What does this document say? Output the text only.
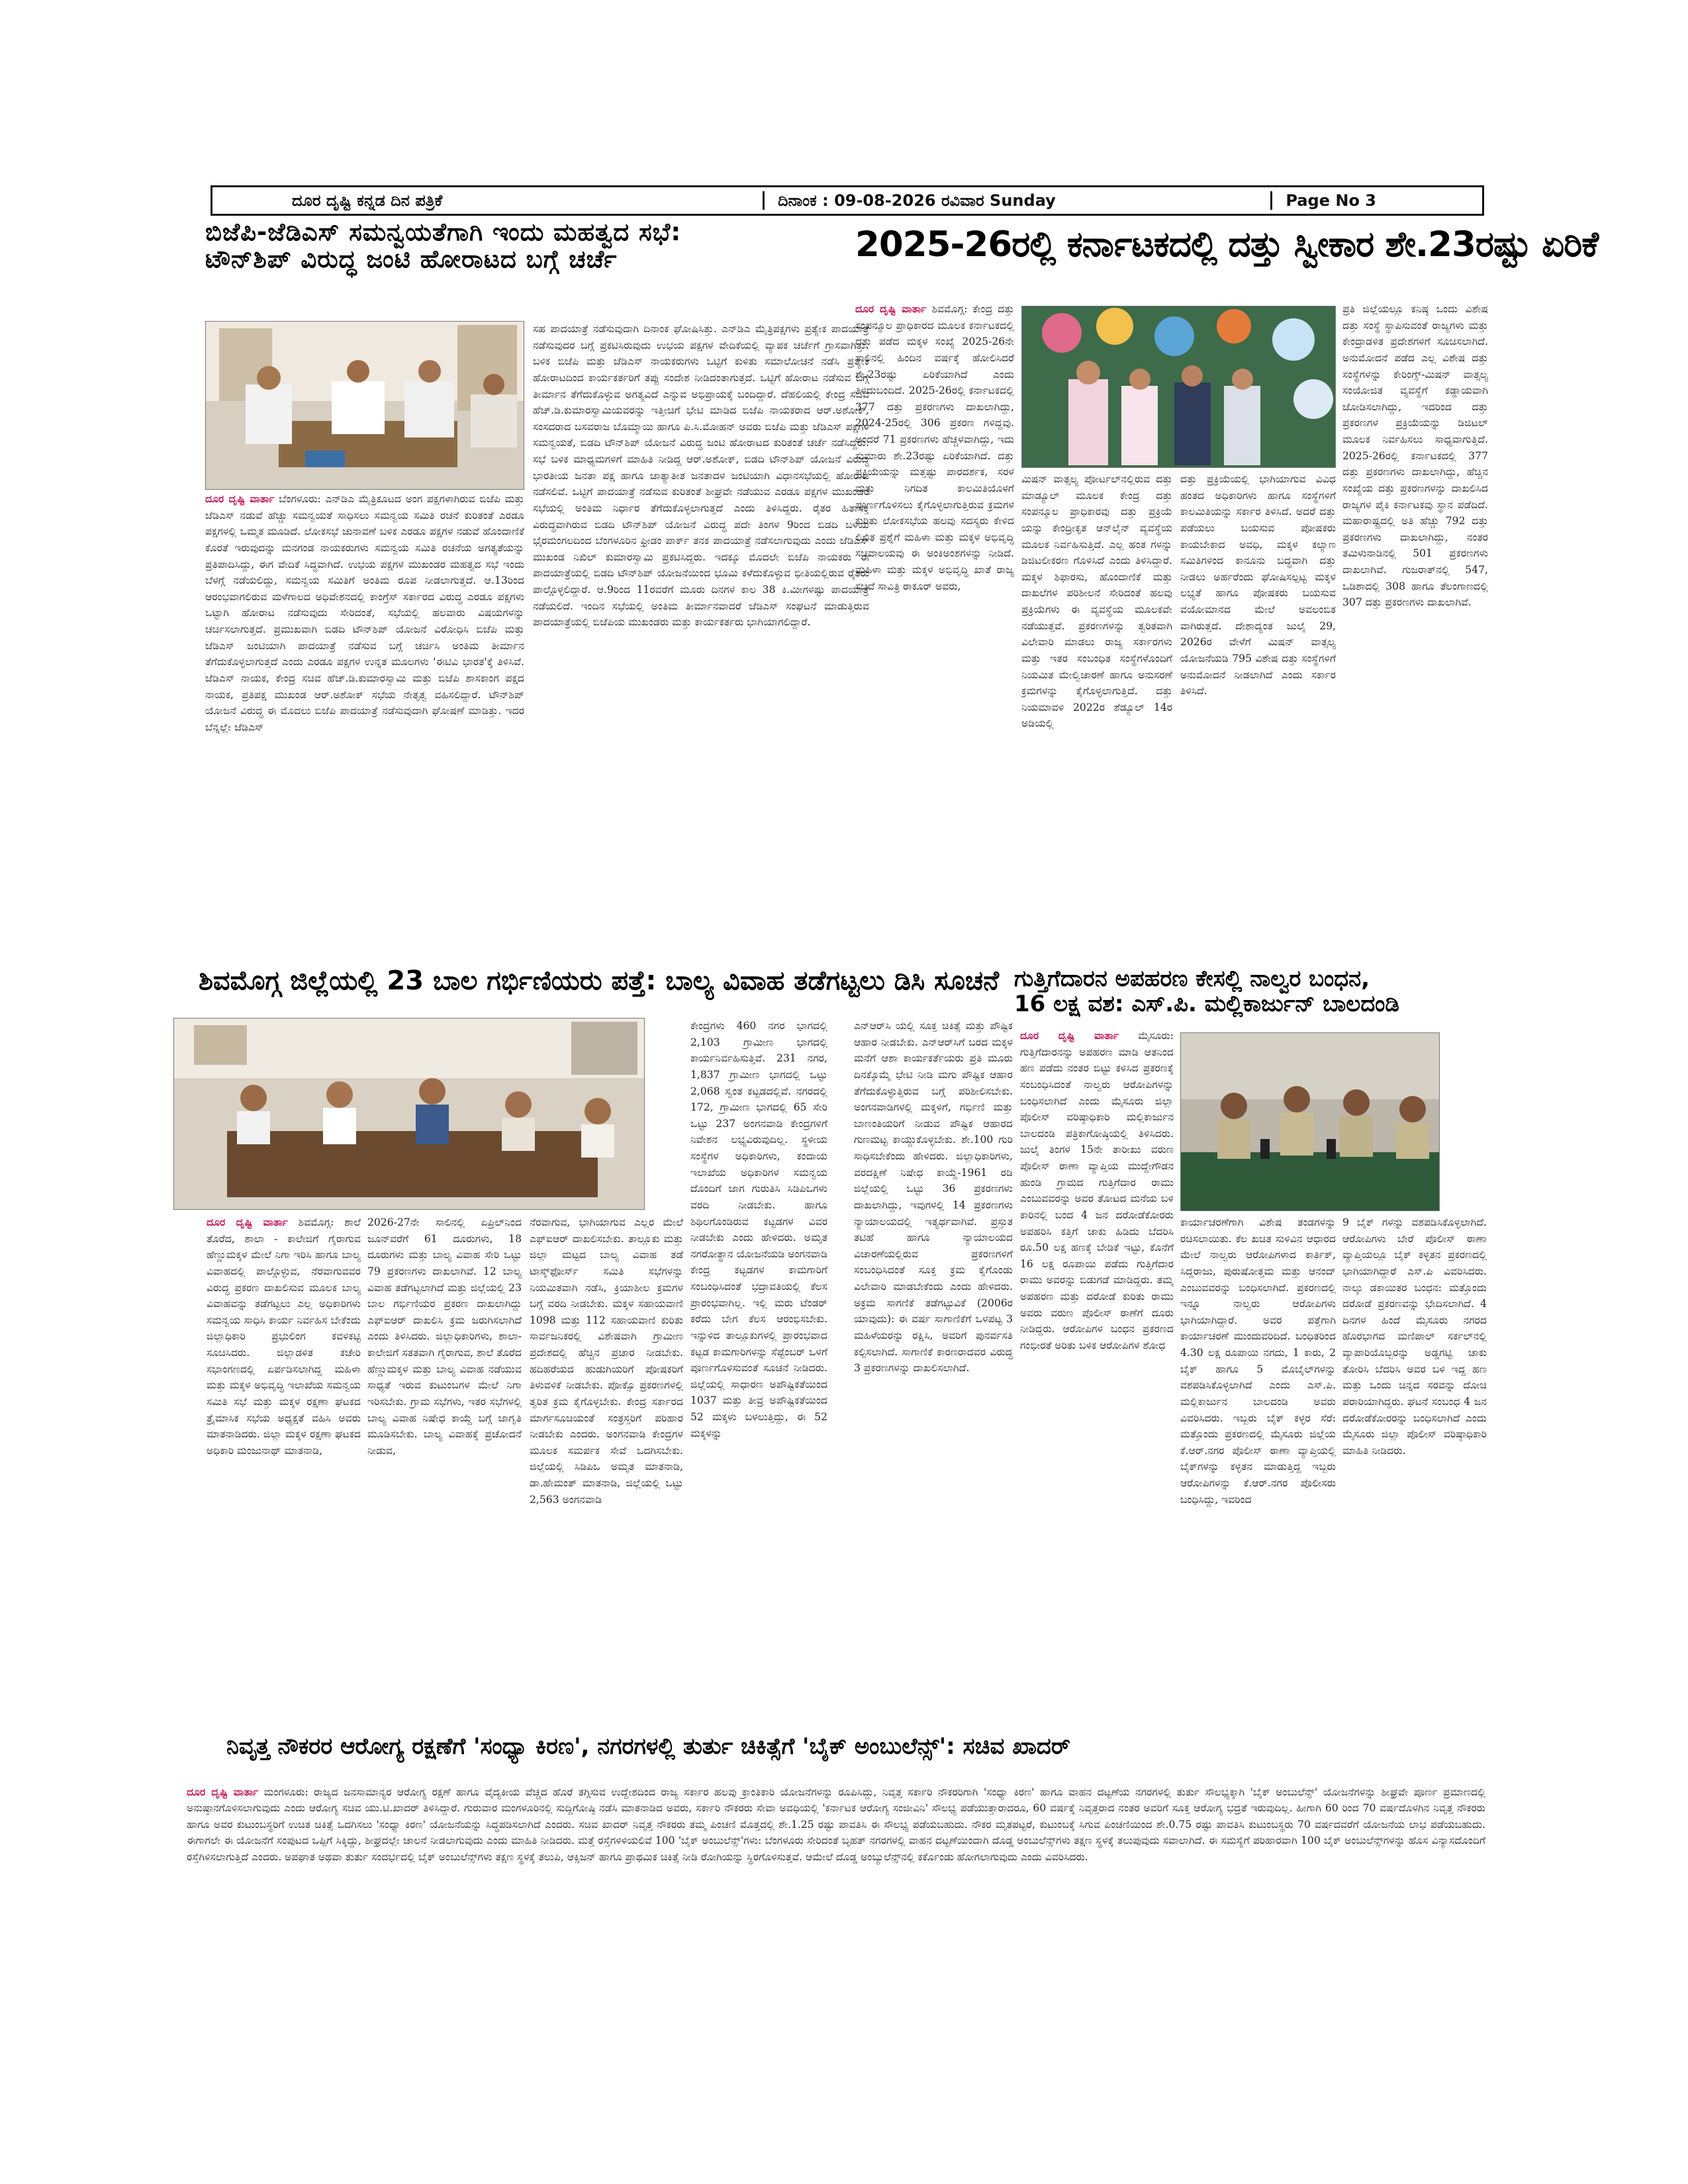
ದೂರ ದೃಷ್ಟಿ ಕನ್ನಡ ದಿನ ಪತ್ರಿಕೆ	ದಿನಾಂಕ : 09-08-2026 ರವಿವಾರ Sunday	Page No 3
ಬಿಜೆಪಿ-ಜೆಡಿಎಸ್ ಸಮನ್ವಯತೆಗಾಗಿ ಇಂದು ಮಹತ್ವದ ಸಭೆ:
ಟೌನ್‌ಶಿಪ್ ವಿರುದ್ಧ ಜಂಟಿ ಹೋರಾಟದ ಬಗ್ಗೆ ಚರ್ಚೆ

ದೂರ ದೃಷ್ಟಿ ವಾರ್ತಾ ಬೆಂಗಳೂರು: ಎನ್‌ಡಿಎ ಮೈತ್ರಿಕೂಟದ ಅಂಗ ಪಕ್ಷಗಳಾಗಿರುವ ಬಿಜೆಪಿ ಮತ್ತು ಜೆಡಿಎಸ್ ನಡುವೆ ಹೆಚ್ಚು ಸಮನ್ವಯತೆ ಸಾಧಿಸಲು ಸಮನ್ವಯ ಸಮಿತಿ ರಚನೆ ಕುರಿತಂತೆ ಎರಡೂ ಪಕ್ಷಗಳಲ್ಲಿ ಒಮ್ಮತ ಮೂಡಿದೆ. ಲೋಕಸಭೆ ಚುನಾವಣೆ ಬಳಿಕ ಎರಡೂ ಪಕ್ಷಗಳ ನಡುವೆ ಹೊಂದಾಣಿಕೆ ಕೊರತೆ ಇರುವುದನ್ನು ಮನಗಂಡ ನಾಯಕರುಗಳು ಸಮನ್ವಯ ಸಮಿತಿ ರಚನೆಯ ಅಗತ್ಯತೆಯನ್ನು ಪ್ರತಿಪಾದಿಸಿದ್ದು, ಈಗ ವೇದಿಕೆ ಸಿದ್ಧವಾಗಿದೆ. ಉಭಯ ಪಕ್ಷಗಳ ಮುಖಂಡರ ಮಹತ್ವದ ಸಭೆ ಇಂದು ಬೆಳಗ್ಗೆ ನಡೆಯಲಿದ್ದು, ಸಮನ್ವಯ ಸಮಿತಿಗೆ ಅಂತಿಮ ರೂಪ ನೀಡಲಾಗುತ್ತದೆ. ಆ.13ರಿಂದ ಆರಂಭವಾಗಲಿರುವ ಮಳೆಗಾಲದ ಅಧಿವೇಶನದಲ್ಲಿ ಕಾಂಗ್ರೆಸ್ ಸರ್ಕಾರದ ವಿರುದ್ಧ ಎರಡೂ ಪಕ್ಷಗಳು ಒಟ್ಟಾಗಿ ಹೋರಾಟ ನಡೆಸುವುದು ಸೇರಿದಂತೆ, ಸಭೆಯಲ್ಲಿ ಹಲವಾರು ವಿಷಯಗಳನ್ನು ಚರ್ಚಿಸಲಾಗುತ್ತದೆ. ಪ್ರಮುಖವಾಗಿ ಬಿಡದಿ ಟೌನ್‌ಶಿಪ್ ಯೋಜನೆ ವಿರೋಧಿಸಿ ಬಿಜೆಪಿ ಮತ್ತು ಜೆಡಿಎಸ್ ಜಂಟಿಯಾಗಿ ಪಾದಯಾತ್ರೆ ನಡೆಸುವ ಬಗ್ಗೆ ಚರ್ಚಿಸಿ ಅಂತಿಮ ತೀರ್ಮಾನ ತೆಗೆದುಕೊಳ್ಳಲಾಗುತ್ತದೆ ಎಂದು ಎರಡೂ ಪಕ್ಷಗಳ ಉನ್ನತ ಮೂಲಗಳು 'ಈಟಿವಿ ಭಾರತ'ಕ್ಕೆ ತಿಳಿಸಿವೆ. ಜೆಡಿಎಸ್ ನಾಯಕ, ಕೇಂದ್ರ ಸಚಿವ ಹೆಚ್.ಡಿ.ಕುಮಾರಸ್ವಾಮಿ ಮತ್ತು ಬಿಜೆಪಿ ಶಾಸಕಾಂಗ ಪಕ್ಷದ ನಾಯಕ, ಪ್ರತಿಪಕ್ಷ ಮುಖಂಡ ಆರ್.ಅಶೋಕ್ ಸಭೆಯ ನೇತೃತ್ವ ವಹಿಸಲಿದ್ದಾರೆ. ಟೌನ್‌ಶಿಪ್ ಯೋಜನೆ ವಿರುದ್ಧ ಈ ಮೊದಲು ಬಿಜೆಪಿ ಪಾದಯಾತ್ರೆ ನಡೆಸುವುದಾಗಿ ಘೋಷಣೆ ಮಾಡಿತ್ತು. ಇದರ ಬೆನ್ನಲ್ಲೇ ಜೆಡಿಎಸ್

ಸಹ ಪಾದಯಾತ್ರೆ ನಡೆಸುವುದಾಗಿ ದಿನಾಂಕ ಘೋಷಿಸಿತ್ತು. ಎನ್‌ಡಿಎ ಮೈತ್ರಿಪಕ್ಷಗಳು ಪ್ರತ್ಯೇಕ ಪಾದಯಾತ್ರೆ ನಡೆಸುವುದರ ಬಗ್ಗೆ ಪ್ರಕಟಿಸಿರುವುದು ಉಭಯ ಪಕ್ಷಗಳ ವೇದಿಕೆಯಲ್ಲಿ ವ್ಯಾಪಕ ಚರ್ಚೆಗೆ ಗ್ರಾಸವಾಗಿತ್ತು. ಬಳಿಕ ಬಿಜೆಪಿ ಮತ್ತು ಜೆಡಿಎಸ್ ನಾಯಕರುಗಳು ಒಟ್ಟಿಗೆ ಕುಳಿತು ಸಮಾಲೋಚನೆ ನಡೆಸಿ ಪ್ರತ್ಯೇಕ ಹೋರಾಟದಿಂದ ಕಾರ್ಯಕರ್ತರಿಗೆ ತಪ್ಪು ಸಂದೇಶ ನೀಡಿದಂತಾಗುತ್ತದೆ. ಒಟ್ಟಿಗೆ ಹೋರಾಟ ನಡೆಸುವ ಬಗ್ಗೆ ತೀರ್ಮಾನ ತೆಗೆದುಕೊಳ್ಳುವ ಅಗತ್ಯವಿದೆ ಎನ್ನುವ ಅಭಿಪ್ರಾಯಕ್ಕೆ ಬಂದಿದ್ದಾರೆ. ದೆಹಲಿಯಲ್ಲಿ ಕೇಂದ್ರ ಸಚಿವ ಹೆಚ್.ಡಿ.ಕುಮಾರಸ್ವಾಮಿಯವರನ್ನು ಇತ್ತೀಚಿಗೆ ಭೇಟಿ ಮಾಡಿದ ಬಿಜೆಪಿ ನಾಯಕರಾದ ಆರ್.ಅಶೋಕ್, ಸಂಸದರಾದ ಬಸವರಾಜ ಬೊಮ್ಮಾಯಿ ಹಾಗೂ ಪಿ.ಸಿ.ಮೋಹನ್ ಅವರು ಬಿಜೆಪಿ ಮತ್ತು ಜೆಡಿಎಸ್ ಪಕ್ಷಗಳ ಸಮನ್ವಯತೆ, ಬಿಡದಿ ಟೌನ್‌ಶಿಪ್ ಯೋಜನೆ ವಿರುದ್ಧ ಜಂಟಿ ಹೋರಾಟದ ಕುರಿತಂತೆ ಚರ್ಚೆ ನಡೆಸಿದ್ದರು. ಸಭೆ ಬಳಿಕ ಮಾಧ್ಯಮಗಳಿಗೆ ಮಾಹಿತಿ ನೀಡಿದ್ದ ಆರ್.ಅಶೋಕ್, ಬಿಡದಿ ಟೌನ್‌ಶಿಪ್ ಯೋಜನೆ ವಿರುದ್ಧ ಭಾರತೀಯ ಜನತಾ ಪಕ್ಷ ಹಾಗೂ ಜಾತ್ಯಾತೀತ ಜನತಾದಳ ಜಂಟಿಯಾಗಿ ವಿಧಾನಸಭೆಯಲ್ಲಿ ಹೋರಾಟ ನಡೆಸಲಿವೆ. ಒಟ್ಟಿಗೆ ಪಾದಯಾತ್ರೆ ನಡೆಸುವ ಕುರಿತಂತೆ ಶೀಘ್ರವೇ ನಡೆಯುವ ಎರಡೂ ಪಕ್ಷಗಳ ಮುಖಂಡರ ಸಭೆಯಲ್ಲಿ ಅಂತಿಮ ನಿರ್ಧಾರ ತೆಗೆದುಕೊಳ್ಳಲಾಗುತ್ತದೆ ಎಂದು ತಿಳಿಸಿದ್ದರು. ರೈತರ ಹಿತಾಸಕ್ತಿ ವಿರುದ್ಧವಾಗಿರುವ ಬಿಡದಿ ಟೌನ್‌ಶಿಪ್ ಯೋಜನೆ ವಿರುದ್ಧ ಪದೇ ತಿಂಗಳ 9ರಿಂದ ಬಿಡದಿ ಬಳಿಯ ಭೈರಮಂಗಲದಿಂದ ಬೆಂಗಳೂರಿನ ಫ್ರೀಡಂ ಪಾರ್ಕ್‌ ತನಕ ಪಾದಯಾತ್ರೆ ನಡೆಸಲಾಗುವುದು ಎಂದು ಜೆಡಿಎಸ್ ಮುಖಂಡ ನಿಖಿಲ್ ಕುಮಾರಸ್ವಾಮಿ ಪ್ರಕಟಿಸಿದ್ದರು. ಇದಕ್ಕೂ ಮೊದಲೇ ಬಿಜೆಪಿ ನಾಯಕರು ಈ ಪಾದಯಾತ್ರೆಯಲ್ಲಿ ಬಿಡದಿ ಟೌನ್‌ಶಿಪ್ ಯೋಜನೆಯಿಂದ ಭೂಮಿ ಕಳೆದುಕೊಳ್ಳುವ ಭೀತಿಯಲ್ಲಿರುವ ರೈತರು ಪಾಲ್ಗೊಳ್ಳಲಿದ್ದಾರೆ. ಆ.9ರಿಂದ 11ರವರೆಗೆ ಮೂರು ದಿನಗಳ ಕಾಲ 38 ಕಿ.ಮೀಗಳಷ್ಟು ಪಾದಯಾತ್ರೆ ನಡೆಯಲಿದೆ. ಇಂದಿನ ಸಭೆಯಲ್ಲಿ ಅಂತಿಮ ತೀರ್ಮಾನವಾದರೆ ಜೆಡಿಎಸ್ ಸಂಘಟನೆ ಮಾಡುತ್ತಿರುವ ಪಾದಯಾತ್ರೆಯಲ್ಲಿ ಬಿಜೆಪಿಯ ಮುಖಂಡರು ಮತ್ತು ಕಾರ್ಯಕರ್ತರು ಭಾಗಿಯಾಗಲಿದ್ದಾರೆ.

2025-26ರಲ್ಲಿ ಕರ್ನಾಟಕದಲ್ಲಿ ದತ್ತು ಸ್ವೀಕಾರ ಶೇ.23ರಷ್ಟು ಏರಿಕೆ

ದೂರ ದೃಷ್ಟಿ ವಾರ್ತಾ ಶಿವಮೊಗ್ಗ: ಕೇಂದ್ರ ದತ್ತು ಸಂಪನ್ಮೂಲ ಪ್ರಾಧಿಕಾರದ ಮೂಲಕ ಕರ್ನಾಟಕದಲ್ಲಿ ದತ್ತು ಪಡೆದ ಮಕ್ಕಳ ಸಂಖ್ಯೆ 2025-26ನೇ ಸಾಲಿನಲ್ಲಿ ಹಿಂದಿನ ವರ್ಷಕ್ಕೆ ಹೋಲಿಸಿದರೆ ಶೇ.23ರಷ್ಟು ಏರಿಕೆಯಾಗಿದೆ ಎಂದು ತಿಳಿದುಬಂದಿದೆ. 2025-26ರಲ್ಲಿ ಕರ್ನಾಟಕದಲ್ಲಿ 377 ದತ್ತು ಪ್ರಕರಣಗಳು ದಾಖಲಾಗಿದ್ದು, 2024-25ರಲ್ಲಿ 306 ಪ್ರಕರಣ ಗಳಿದ್ದವು. ಅಂದರೆ 71 ಪ್ರಕರಣಗಳು ಹೆಚ್ಚಳವಾಗಿದ್ದು, ಇದು ಸುಮಾರು ಶೇ.23ರಷ್ಟು ಏರಿಕೆಯಾಗಿದೆ. ದತ್ತು ಪ್ರಕ್ರಿಯೆಯನ್ನು ಮತ್ತಷ್ಟು ಪಾರದರ್ಶಕ, ಸರಳ ಮತ್ತು ನಿಗದಿತ ಕಾಲಮಿತಿಯೊಳಗೆ ಪೂರ್ಣಗೊಳಿಸಲು ಕೈಗೊಳ್ಳಲಾಗುತ್ತಿರುವ ಕ್ರಮಗಳ ಕುರಿತು ಲೋಕಸಭೆಯ ಹಲವು ಸದಸ್ಯರು ಕೇಳಿದ ಲಿಖಿತ ಪ್ರಶ್ನೆಗೆ ಮಹಿಳಾ ಮತ್ತು ಮಕ್ಕಳ ಅಭಿವೃದ್ಧಿ ಸಚಿವಾಲಯವು ಈ ಅಂಕಿಅಂಶಗಳನ್ನು ನೀಡಿದೆ. ಮಹಿಳಾ ಮತ್ತು ಮಕ್ಕಳ ಅಭಿವೃದ್ಧಿ ಖಾತೆ ರಾಜ್ಯ ಸಚಿವೆ ಸಾವಿತ್ರಿ ಠಾಕೂರ್ ಅವರು,

ಮಿಷನ್ ವಾತ್ಸಲ್ಯ ಪೋರ್ಟಲ್‌ನಲ್ಲಿರುವ ದತ್ತು ಮಾಡ್ಯೂಲ್ ಮೂಲಕ ಕೇಂದ್ರ ದತ್ತು ಸಂಪನ್ಮೂಲ ಪ್ರಾಧಿಕಾರವು ದತ್ತು ಪ್ರಕ್ರಿಯೆ ಯನ್ನು ಕೇಂದ್ರೀಕೃತ ಆನ್‌ಲೈನ್ ವ್ಯವಸ್ಥೆಯ ಮೂಲಕ ನಿರ್ವಹಿಸುತ್ತಿದೆ. ಎಲ್ಲ ಹಂತ ಗಳನ್ನು ಡಿಜಿಟಲೀಕರಣ ಗೊಳಿಸಿದೆ ಎಂದು ತಿಳಿಸಿದ್ದಾರೆ. ಮಕ್ಕಳ ಶಿಫಾರಸು, ಹೊಂದಾಣಿಕೆ ಮತ್ತು ದಾಖಲೆಗಳ ಪರಿಶೀಲನೆ ಸೇರಿದಂತೆ ಹಲವು ಪ್ರಕ್ರಿಯೆಗಳು ಈ ವ್ಯವಸ್ಥೆಯ ಮೂಲಕವೇ ನಡೆಯುತ್ತವೆ. ಪ್ರಕರಣಗಳನ್ನು ತ್ವರಿತವಾಗಿ ವಿಲೇವಾರಿ ಮಾಡಲು ರಾಜ್ಯ ಸರ್ಕಾರಗಳು ಮತ್ತು ಇತರ ಸಂಬಂಧಿತ ಸಂಸ್ಥೆಗಳೊಂದಿಗೆ ನಿಯಮಿತ ಮೇಲ್ವಿಚಾರಣೆ ಹಾಗೂ ಅನುಸರಣೆ ಕ್ರಮಗಳನ್ನು ಕೈಗೊಳ್ಳಲಾಗುತ್ತಿದೆ. ದತ್ತು ನಿಯಮಾವಳಿ 2022ರ ಶೆಡ್ಯೂಲ್ 14ರ ಅಡಿಯಲ್ಲಿ

ದತ್ತು ಪ್ರಕ್ರಿಯೆಯಲ್ಲಿ ಭಾಗಿಯಾಗುವ ವಿವಿಧ ಹಂತದ ಅಧಿಕಾರಿಗಳು ಹಾಗೂ ಸಂಸ್ಥೆಗಳಿಗೆ ಕಾಲಮಿತಿಯನ್ನು ಸರ್ಕಾರ ತಿಳಿಸಿದೆ. ಅದರೆ ದತ್ತು ಪಡೆಯಲು ಬಯಸುವ ಪೋಷಕರು ಕಾಯಬೇಕಾದ ಅವಧಿ, ಮಕ್ಕಳ ಕಲ್ಯಾಣ ಸಮಿತಿಗಳಿಂದ ಕಾನೂನು ಬದ್ಧವಾಗಿ ದತ್ತು ನೀಡಲು ಅರ್ಹರೆಂದು ಘೋಷಿಸಲ್ಪಟ್ಟ ಮಕ್ಕಳ ಲಭ್ಯತೆ ಹಾಗೂ ಪೋಷಕರು ಬಯಸುವ ವಯೋಮಾನದ ಮೇಲೆ ಅವಲಂಬಿತ ವಾಗಿರುತ್ತದೆ. ದೇಶಾದ್ಯಂತ ಜುಲೈ 29, 2026ರ ವೇಳೆಗೆ ಮಿಷನ್ ವಾತ್ಸಲ್ಯ ಯೋಜನೆಯಡಿ 795 ವಿಶೇಷ ದತ್ತು ಸಂಸ್ಥೆಗಳಿಗೆ ಅನುಮೋದನೆ ನೀಡಲಾಗಿದೆ ಎಂದು ಸರ್ಕಾರ ತಿಳಿಸಿದೆ.

ಪ್ರತಿ ಜಿಲ್ಲೆಯಲ್ಲೂ ಕನಿಷ್ಠ ಒಂದು ವಿಶೇಷ ದತ್ತು ಸಂಸ್ಥೆ ಸ್ಥಾಪಿಸುವಂತೆ ರಾಜ್ಯಗಳು ಮತ್ತು ಕೇಂದ್ರಾಡಳಿತ ಪ್ರದೇಶಗಳಿಗೆ ಸೂಚಿಸಲಾಗಿದೆ. ಅನುಮೋದನೆ ಪಡೆದ ಎಲ್ಲ ವಿಶೇಷ ದತ್ತು ಸಂಸ್ಥೆಗಳನ್ನು ಕೇರಿಂಗ್ಸ್-ಮಿಷನ್ ವಾತ್ಸಲ್ಯ ಸಂಯೋಜಿತ ವ್ಯವಸ್ಥೆಗೆ ಕಡ್ಡಾಯವಾಗಿ ಜೋಡಿಸಲಾಗಿದ್ದು, ಇದರಿಂದ ದತ್ತು ಪ್ರಕರಣಗಳ ಪ್ರಕ್ರಿಯೆಯನ್ನು ಡಿಜಿಟಲ್ ಮೂಲಕ ನಿರ್ವಹಿಸಲು ಸಾಧ್ಯವಾಗುತ್ತಿದೆ. 2025-26ರಲ್ಲಿ ಕರ್ನಾಟಕದಲ್ಲಿ 377 ದತ್ತು ಪ್ರಕರಣಗಳು ದಾಖಲಾಗಿದ್ದು, ಹೆಚ್ಚಿನ ಸಂಖ್ಯೆಯ ದತ್ತು ಪ್ರಕರಣಗಳನ್ನು ದಾಖಲಿಸಿದ ರಾಜ್ಯಗಳ ಪೈಕಿ ಕರ್ನಾಟಕವು ಸ್ಥಾನ ಪಡೆದಿದೆ. ಮಹಾರಾಷ್ಟ್ರದಲ್ಲಿ ಅತಿ ಹೆಚ್ಚು 792 ದತ್ತು ಪ್ರಕರಣಗಳು ದಾಖಲಾಗಿದ್ದು, ನಂತರ ತಮಿಳುನಾಡಿನಲ್ಲಿ 501 ಪ್ರಕರಣಗಳು ದಾಖಲಾಗಿವೆ. ಗುಜರಾತ್‌ನಲ್ಲಿ 547, ಒಡಿಶಾದಲ್ಲಿ 308 ಹಾಗೂ ತೆಲಂಗಾಣದಲ್ಲಿ 307 ದತ್ತು ಪ್ರಕರಣಗಳು ದಾಖಲಾಗಿವೆ.

ಶಿವಮೊಗ್ಗ ಜಿಲ್ಲೆಯಲ್ಲಿ 23 ಬಾಲ ಗರ್ಭಿಣಿಯರು ಪತ್ತೆ: ಬಾಲ್ಯ ವಿವಾಹ ತಡೆಗಟ್ಟಲು ಡಿಸಿ ಸೂಚನೆ

ದೂರ ದೃಷ್ಟಿ ವಾರ್ತಾ ಶಿವಮೊಗ್ಗ: ಶಾಲೆ ತೊರೆದ, ಶಾಲಾ - ಕಾಲೇಜಿಗೆ ಗೈರಾಗುವ ಹೆಣ್ಣುಮಕ್ಕಳ ಮೇಲೆ ನಿಗಾ ಇರಿಸಿ ಹಾಗೂ ಬಾಲ್ಯ ವಿವಾಹದಲ್ಲಿ ಪಾಲ್ಗೊಳ್ಳುವ, ನೆರವಾಗುವವರ ವಿರುದ್ಧ ಪ್ರಕರಣ ದಾಖಲಿಸುವ ಮೂಲಕ ಬಾಲ್ಯ ವಿವಾಹವನ್ನು ತಡೆಗಟ್ಟಲು ಎಲ್ಲ ಅಧಿಕಾರಿಗಳು ಸಮನ್ವಯ ಸಾಧಿಸಿ ಕಾರ್ಯ ನಿರ್ವಹಿಸ ಬೇಕೆಂದು ಜಿಲ್ಲಾಧಿಕಾರಿ ಪ್ರಭುಲಿಂಗ ಕವಳಿಕಟ್ಟಿ ಸೂಚಿಸಿದರು. ಜಿಲ್ಲಾಡಳಿತ ಕಚೇರಿ ಸಭಾಂಗಣದಲ್ಲಿ ಏರ್ಪಡಿಸಲಾಗಿದ್ದ ಮಹಿಳಾ ಮತ್ತು ಮಕ್ಕಳ ಅಭಿವೃದ್ಧಿ ಇಲಾಖೆಯ ಸಮನ್ವಯ ಸಮಿತಿ ಸಭೆ ಮತ್ತು ಮಕ್ಕಳ ರಕ್ಷಣಾ ಘಟಕದ ತ್ರೈಮಾಸಿಕ ಸಭೆಯ ಅಧ್ಯಕ್ಷತೆ ವಹಿಸಿ ಅವರು ಮಾತನಾಡಿದರು. ಜಿಲ್ಲಾ ಮಕ್ಕಳ ರಕ್ಷಣಾ ಘಟಕದ ಅಧಿಕಾರಿ ಮಂಜುನಾಥ್ ಮಾತನಾಡಿ,

2026-27ನೇ ಸಾಲಿನಲ್ಲಿ ಏಪ್ರಿಲ್‌ನಿಂದ ಜೂನ್‌ವರೆಗೆ 61 ದೂರುಗಳು, 18 ದೂರುಗಳು ಮತ್ತು ಬಾಲ್ಯ ವಿವಾಹ ಸೇರಿ ಒಟ್ಟು 79 ಪ್ರಕರಣಗಳು ದಾಖಲಾಗಿವೆ. 12 ಬಾಲ್ಯ ವಿವಾಹ ತಡೆಗಟ್ಟಲಾಗಿದೆ ಮತ್ತು ಜಿಲ್ಲೆಯಲ್ಲಿ 23 ಬಾಲ ಗರ್ಭಿಣಿಯರ ಪ್ರಕರಣ ದಾಖಲಾಗಿದ್ದು ಎಫ್‌ಐಆರ್ ದಾಖಲಿಸಿ ಕ್ರಮ ಜರುಗಿಸಲಾಗಿದೆ ಎಂದು ತಿಳಿಸಿದರು. ಜಿಲ್ಲಾಧಿಕಾರಿಗಳು, ಶಾಲಾ-ಕಾಲೇಜಿಗೆ ಸತತವಾಗಿ ಗೈರಾಗುವ, ಶಾಲೆ ತೊರೆದ ಹೆಣ್ಣುಮಕ್ಕಳ ಮತ್ತು ಬಾಲ್ಯ ವಿವಾಹ ನಡೆಯುವ ಸಾಧ್ಯತೆ ಇರುವ ಕುಟುಂಬಗಳ ಮೇಲೆ ನಿಗಾ ಇರಿಸಬೇಕು. ಗ್ರಾಮ ಸಭೆಗಳು, ಇತರ ಸಭೆಗಳಲ್ಲಿ ಬಾಲ್ಯ ವಿವಾಹ ನಿಷೇಧ ಕಾಯ್ದೆ ಬಗ್ಗೆ ಜಾಗೃತಿ ಮೂಡಿಸಬೇಕು. ಬಾಲ್ಯ ವಿವಾಹಕ್ಕೆ ಪ್ರಚೋದನೆ ನೀಡುವ,

ನೆರವಾಗುವ, ಭಾಗಿಯಾಗುವ ಎಲ್ಲರ ಮೇಲೆ ಎಫ್‌ಐಆರ್ ದಾಖಲಿಸಬೇಕು. ತಾಲ್ಲೂಕು ಮತ್ತು ಜಿಲ್ಲಾ ಮಟ್ಟದ ಬಾಲ್ಯ ವಿವಾಹ ತಡೆ ಟಾಸ್ಕ್‌ಫೋರ್ಸ್ ಸಮಿತಿ ಸಭೆಗಳನ್ನು ನಿಯಮಿತವಾಗಿ ನಡೆಸಿ, ಕ್ರಿಯಾಶೀಲ ಕ್ರಮಗಳ ಬಗ್ಗೆ ವರದಿ ನೀಡಬೇಕು. ಮಕ್ಕಳ ಸಹಾಯವಾಣಿ 1098 ಮತ್ತು 112 ಸಹಾಯವಾಣಿ ಕುರಿತು ಸಾರ್ವಜನಿಕರಲ್ಲಿ ವಿಶೇಷವಾಗಿ ಗ್ರಾಮೀಣ ಪ್ರದೇಶದಲ್ಲಿ ಹೆಚ್ಚಿನ ಪ್ರಚಾರ ನೀಡಬೇಕು. ಹದಿಹರೆಯದ ಹುಡುಗಿಯರಿಗೆ ಪೋಷಕರಿಗೆ ತಿಳುವಳಿಕೆ ನೀಡಬೇಕು. ಪೋಕ್ಸೊ ಪ್ರಕರಣಗಳಲ್ಲಿ ತ್ವರಿತ ಕ್ರಮ ಕೈಗೊಳ್ಳಬೇಕು. ಕೇಂದ್ರ ಸರ್ಕಾರದ ಮಾರ್ಗಸೂಚಿಯಂತೆ ಸಂತ್ರಸ್ತರಿಗೆ ಪರಿಹಾರ ನೀಡಬೇಕು ಎಂದರು. ಅಂಗನವಾಡಿ ಕೇಂದ್ರಗಳ ಮೂಲಕ ಸಮರ್ಪಕ ಸೇವೆ ಒದಗಿಸಬೇಕು. ಜಿಲ್ಲೆಯಲ್ಲಿ ಸಿಡಿಪಿಒ ಅಮೃತ ಮಾತನಾಡಿ, ಡಾ.ಹೇಮಂತ್ ಮಾತನಾಡಿ, ಜಿಲ್ಲೆಯಲ್ಲಿ ಒಟ್ಟು 2,563 ಅಂಗನವಾಡಿ

ಕೇಂದ್ರಗಳು 460 ನಗರ ಭಾಗದಲ್ಲಿ 2,103 ಗ್ರಾಮೀಣ ಭಾಗದಲ್ಲಿ ಕಾರ್ಯನಿರ್ವಹಿಸುತ್ತಿವೆ. 231 ನಗರ, 1,837 ಗ್ರಾಮೀಣ ಭಾಗದಲ್ಲಿ ಒಟ್ಟು 2,068 ಸ್ವಂತ ಕಟ್ಟಡದಲ್ಲಿವೆ. ನಗರದಲ್ಲಿ 172, ಗ್ರಾಮೀಣ ಭಾಗದಲ್ಲಿ 65 ಸೇರಿ ಒಟ್ಟು 237 ಅಂಗನವಾಡಿ ಕೇಂದ್ರಗಳಿಗೆ ನಿವೇಶನ ಲಭ್ಯವಿರುವುದಿಲ್ಲ. ಸ್ಥಳೀಯ ಸಂಸ್ಥೆಗಳ ಅಧಿಕಾರಿಗಳು, ಕಂದಾಯ ಇಲಾಖೆಯ ಅಧಿಕಾರಿಗಳ ಸಮನ್ವಯ ದೊಂದಿಗೆ ಜಾಗ ಗುರುತಿಸಿ ಸಿಡಿಪಿಒಗಳು ವರದಿ ನೀಡಬೇಕು. ಹಾಗೂ ಶಿಥಿಲಗೊಂಡಿರುವ ಕಟ್ಟಡಗಳ ವಿವರ ನೀಡಬೇಕು ಎಂದು ಹೇಳಿದರು. ಅಮೃತ ನಗರೋತ್ಥಾನ ಯೋಜನೆಯಡಿ ಅಂಗನವಾಡಿ ಕೇಂದ್ರ ಕಟ್ಟಡಗಳ ಕಾಮಗಾರಿಗೆ ಸಂಬಂಧಿಸಿದಂತೆ ಭದ್ರಾವತಿಯಲ್ಲಿ ಕೆಲಸ ಪ್ರಾರಂಭವಾಗಿಲ್ಲ. ಇಲ್ಲಿ ಮರು ಟೆಂಡರ್ ಕರೆದು ಬೇಗ ಕೆಲಸ ಆರಂಭಿಸಬೇಕು. ಇನ್ನುಳಿದ ತಾಲ್ಲೂಕುಗಳಲ್ಲಿ ಪ್ರಾರಂಭವಾದ ಕಟ್ಟಡ ಕಾಮಗಾರಿಗಳನ್ನು ಸೆಪ್ಟೆಂಬರ್ ಒಳಗೆ ಪೂರ್ಣಗೊಳಿಸುವಂತೆ ಸೂಚನೆ ನೀಡಿದರು. ಜಿಲ್ಲೆಯಲ್ಲಿ ಸಾಧಾರಣ ಅಪೌಷ್ಟಿಕತೆಯಿಂದ 1037 ಮತ್ತು ತೀವ್ರ ಅಪೌಷ್ಟಿಕತೆಯಿಂದ 52 ಮಕ್ಕಳು ಬಳಲುತ್ತಿದ್ದು, ಈ 52 ಮಕ್ಕಳನ್ನು

ಎನ್‌ಆರ್‌ಸಿ ಯಲ್ಲಿ ಸೂಕ್ತ ಚಿಕಿತ್ಸೆ ಮತ್ತು ಪೌಷ್ಟಿಕ ಆಹಾರ ನೀಡಬೇಕು. ಎನ್‌ಆರ್‌ಸಿಗೆ ಬರದ ಮಕ್ಕಳ ಮನೆಗೆ ಆಶಾ ಕಾರ್ಯಕರ್ತೆಯರು ಪ್ರತಿ ಮೂರು ದಿನಕ್ಕೊಮ್ಮೆ ಭೇಟಿ ನೀಡಿ ಮಗು ಪೌಷ್ಟಿಕ ಆಹಾರ ತೆಗೆದುಕೊಳ್ಳುತ್ತಿರುವ ಬಗ್ಗೆ ಪರಿಶೀಲಿಸಬೇಕು. ಅಂಗನವಾಡಿಗಳಲ್ಲಿ ಮಕ್ಕಳಿಗೆ, ಗರ್ಭಿಣಿ ಮತ್ತು ಬಾಣಂತಿಯರಿಗೆ ನೀಡುವ ಪೌಷ್ಟಿಕ ಆಹಾರದ ಗುಣಮಟ್ಟ ಕಾಯ್ದುಕೊಳ್ಳಬೇಕು. ಶೇ.100 ಗುರಿ ಸಾಧಿಸಬೇಕೆಂದು ಹೇಳಿದರು. ಜಿಲ್ಲಾಧಿಕಾರಿಗಳು, ವರದಕ್ಷಿಣೆ ನಿಷೇಧ ಕಾಯ್ದೆ-1961 ರಡಿ ಜಿಲ್ಲೆಯಲ್ಲಿ ಒಟ್ಟು 36 ಪ್ರಕರಣಗಳು ದಾಖಲಾಗಿದ್ದು, ಇವುಗಳಲ್ಲಿ 14 ಪ್ರಕರಣಗಳು ನ್ಯಾಯಾಲಯದಲ್ಲಿ ಇತ್ಯರ್ಥವಾಗಿವೆ. ಪ್ರಸ್ತುತ ತಟಿಹೆ ಹಾಗೂ ನ್ಯಾಯಾಲಯದ ವಿಚಾರಣೆಯಲ್ಲಿರುವ ಪ್ರಕರಣಗಳಿಗೆ ಸಂಬಂಧಿಸಿದಂತೆ ಸೂಕ್ತ ಕ್ರಮ ಕೈಗೊಂಡು ವಿಲೇವಾರಿ ಮಾಡಬೇಕೆಂದು ಎಂದು ಹೇಳಿದರು. ಅಕ್ರಮ ಸಾಗಣಿಕೆ ತಡೆಗಟ್ಟುವಿಕೆ (2006ರ ಯಾವುದು): ಈ ವರ್ಷ ಸಾಗಾಣಿಕೆಗೆ ಒಳಪಟ್ಟ 3 ಮಹಿಳೆಯರನ್ನು ರಕ್ಷಿಸಿ, ಅವರಿಗೆ ಪುನರ್ವಸತಿ ಕಲ್ಪಿಸಲಾಗಿದೆ. ಸಾಗಾಣಿಕೆ ಕಾರಣರಾದವರ ವಿರುದ್ಧ 3 ಪ್ರಕರಣಗಳನ್ನು ದಾಖಲಿಸಲಾಗಿದೆ.

ಗುತ್ತಿಗೆದಾರನ ಅಪಹರಣ ಕೇಸಲ್ಲಿ ನಾಲ್ವರ ಬಂಧನ,
16 ಲಕ್ಷ ವಶ: ಎಸ್.ಪಿ. ಮಲ್ಲಿಕಾರ್ಜುನ್ ಬಾಲದಂಡಿ

ದೂರ ದೃಷ್ಟಿ ವಾರ್ತಾ ಮೈಸೂರು: ಗುತ್ತಿಗೆದಾರನನ್ನು ಅಪಹರಣ ಮಾಡಿ ಆತನಿಂದ ಹಣ ಪಡೆದು ನಂತರ ಬಿಟ್ಟು ಕಳಿಸಿದ ಪ್ರಕರಣಕ್ಕೆ ಸಂಬಂಧಿಸಿದಂತೆ ನಾಲ್ವರು ಆರೋಪಿಗಳನ್ನು ಬಂಧಿಸಲಾಗಿದೆ ಎಂದು ಮೈಸೂರು ಜಿಲ್ಲಾ ಪೊಲೀಸ್ ವರಿಷ್ಠಾಧಿಕಾರಿ ಮಲ್ಲಿಕಾರ್ಜುನ ಬಾಲದಂಡಿ ಪತ್ರಿಕಾಗೋಷ್ಠಿಯಲ್ಲಿ ತಿಳಿಸಿದರು. ಜುಲೈ ತಿಂಗಳ 15ನೇ ತಾರೀಖು ವರುಣ ಪೊಲೀಸ್ ಠಾಣಾ ವ್ಯಾಪ್ತಿಯ ಮುದ್ದೇಗೌಡನ ಹುಂಡಿ ಗ್ರಾಮದ ಗುತ್ತಿಗೆದಾರ ರಾಮು ಎಂಬುವವರನ್ನು ಅವರ ತೋಟದ ಮನೆಯ ಬಳಿ ಕಾರಿನಲ್ಲಿ ಬಂದ 4 ಜನ ದರೋಡೆಕೋರರು ಅಪಹರಿಸಿ ಕತ್ತಿಗೆ ಚಾಕು ಹಿಡಿದು ಬೆದರಿಸಿ ರೂ.50 ಲಕ್ಷ ಹಣಕ್ಕೆ ಬೇಡಿಕೆ ಇಟ್ಟು, ಕೊನೆಗೆ 16 ಲಕ್ಷ ರೂಪಾಯಿ ಪಡೆದು ಗುತ್ತಿಗೆದಾರ ರಾಮು ಅವರನ್ನು ಬಿಡುಗಡೆ ಮಾಡಿದ್ದರು. ತಮ್ಮ ಅಪಹರಣ ಮತ್ತು ದರೋಡೆ ಕುರಿತು ರಾಮು ಅವರು ವರುಣ ಪೊಲೀಸ್ ಠಾಣೆಗೆ ದೂರು ನೀಡಿದ್ದರು. ಆರೋಪಿಗಳ ಬಂಧನ ಪ್ರಕರಣದ ಗಂಭೀರತೆ ಅರಿತು ಬಳಿಕ ಆರೋಪಿಗಳ ಶೋಧ

ಕಾರ್ಯಾಚರಣೆಗಾಗಿ ವಿಶೇಷ ತಂಡಗಳನ್ನು ರಚಿಸಲಾಯಿತು. ಕೆಲ ಖಚಿತ ಸುಳಿವಿನ ಆಧಾರದ ಮೇಲೆ ನಾಲ್ವರು ಆರೋಪಿಗಳಾದ ಕಾರ್ತಿಕ್, ಸಿದ್ದರಾಜು, ಪುರುಷೋತ್ತಮ ಮತ್ತು ಆನಂದ್ ಎಂಬುವವರನ್ನು ಬಂಧಿಸಲಾಗಿದೆ. ಪ್ರಕರಣದಲ್ಲಿ ಇನ್ನೂ ನಾಲ್ವರು ಆರೋಪಿಗಳು ಭಾಗಿಯಾಗಿದ್ದಾರೆ. ಅವರ ಪತ್ತೆಗಾಗಿ ಕಾರ್ಯಾಚರಣೆ ಮುಂದುವರಿದಿದೆ. ಬಂಧಿತರಿಂದ 4.30 ಲಕ್ಷ ರೂಪಾಯಿ ನಗದು, 1 ಕಾರು, 2 ಬೈಕ್ ಹಾಗೂ 5 ಮೊಬೈಲ್‌ಗಳನ್ನು ವಶಪಡಿಸಿಕೊಳ್ಳಲಾಗಿದೆ ಎಂದು ಎಸ್.ಪಿ. ಮಲ್ಲಿಕಾರ್ಜುನ ಬಾಲದಂಡಿ ಅವರು ವಿವರಿಸಿದರು. ಇಬ್ಬರು ಬೈಕ್ ಕಳ್ಳರ ಸೆರೆ: ಮತ್ತೊಂದು ಪ್ರಕರಣದಲ್ಲಿ ಮೈಸೂರು ಜಿಲ್ಲೆಯ ಕೆ.ಆರ್.ನಗರ ಪೊಲೀಸ್ ಠಾಣಾ ವ್ಯಾಪ್ತಿಯಲ್ಲಿ ಬೈಕ್‌ಗಳನ್ನು ಕಳ್ಳತನ ಮಾಡುತ್ತಿದ್ದ ಇಬ್ಬರು ಆರೋಪಿಗಳನ್ನು ಕೆ.ಆರ್.ನಗರ ಪೊಲೀಸರು ಬಂಧಿಸಿದ್ದು, ಇವರಿಂದ

9 ಬೈಕ್ ಗಳನ್ನು ವಶಪಡಿಸಿಕೊಳ್ಳಲಾಗಿದೆ. ಆರೋಪಿಗಳು ಬೇರೆ ಪೊಲೀಸ್ ಠಾಣಾ ವ್ಯಾಪ್ತಿಯಲ್ಲೂ ಬೈಕ್ ಕಳ್ಳತನ ಪ್ರಕರಣದಲ್ಲಿ ಭಾಗಿಯಾಗಿದ್ದಾರೆ ಎಸ್.ಪಿ ವಿವರಿಸಿದರು. ನಾಲ್ಕು ಡಕಾಯಿತರ ಬಂಧನ: ಮತ್ತೊಂದು ದರೋಡೆ ಪ್ರಕರಣವನ್ನು ಭೇದಿಸಲಾಗಿದೆ. 4 ದಿನಗಳ ಹಿಂದೆ ಮೈಸೂರು ನಗರದ ಹೊರಭಾಗದ ಮಣಿಪಾಲ್ ಸರ್ಕಲ್‌ನಲ್ಲಿ ವ್ಯಾಪಾರಿಯೊಬ್ಬರನ್ನು ಅಡ್ಡಗಟ್ಟಿ ಚಾಕು ತೋರಿಸಿ ಬೆದರಿಸಿ ಅವರ ಬಳಿ ಇದ್ದ ಹಣ ಮತ್ತು ಒಂದು ಚಿನ್ನದ ಸರವನ್ನು ದೋಚಿ ಪರಾರಿಯಾಗಿದ್ದರು. ಘಟನೆ ಸಂಬಂಧ 4 ಜನ ದರೋಡೆಕೋರರನ್ನು ಬಂಧಿಸಲಾಗಿದೆ ಎಂದು ಮೈಸೂರು ಜಿಲ್ಲಾ ಪೊಲೀಸ್ ವರಿಷ್ಠಾಧಿಕಾರಿ ಮಾಹಿತಿ ನೀಡಿದರು.

ನಿವೃತ್ತ ನೌಕರರ ಆರೋಗ್ಯ ರಕ್ಷಣೆಗೆ 'ಸಂಧ್ಯಾ ಕಿರಣ', ನಗರಗಳಲ್ಲಿ ತುರ್ತು ಚಿಕಿತ್ಸೆಗೆ 'ಬೈಕ್ ಅಂಬುಲೆನ್ಸ್': ಸಚಿವ ಖಾದರ್

ದೂರ ದೃಷ್ಟಿ ವಾರ್ತಾ ಮಂಗಳೂರು: ರಾಜ್ಯದ ಜನಸಾಮಾನ್ಯರ ಆರೋಗ್ಯ ರಕ್ಷಣೆ ಹಾಗೂ ವೈದ್ಯಕೀಯ ವೆಚ್ಚದ ಹೊರೆ ತಗ್ಗಿಸುವ ಉದ್ದೇಶದಿಂದ ರಾಜ್ಯ ಸರ್ಕಾರ ಹಲವು ಕ್ರಾಂತಿಕಾರಿ ಯೋಜನೆಗಳನ್ನು ರೂಪಿಸಿದ್ದು, ನಿವೃತ್ತ ಸರ್ಕಾರಿ ನೌಕರರಿಗಾಗಿ 'ಸಂಧ್ಯಾ ಕಿರಣ' ಹಾಗೂ ವಾಹನ ದಟ್ಟಣೆಯ ನಗರಗಳಲ್ಲಿ ತುರ್ತು ಸೌಲಭ್ಯಕ್ಕಾಗಿ 'ಬೈಕ್ ಅಂಬುಲೆನ್ಸ್' ಯೋಜನೆಗಳನ್ನು ಶೀಘ್ರವೇ ಪೂರ್ಣ ಪ್ರಮಾಣದಲ್ಲಿ ಅನುಷ್ಠಾನಗೊಳಿಸಲಾಗುವುದು ಎಂದು ಆರೋಗ್ಯ ಸಚಿವ ಯು.ಟಿ.ಖಾದರ್ ತಿಳಿಸಿದ್ದಾರೆ. ಗುರುವಾರ ಮಂಗಳೂರಿನಲ್ಲಿ ಸುದ್ದಿಗೋಷ್ಠಿ ನಡೆಸಿ ಮಾತನಾಡಿದ ಅವರು, ಸರ್ಕಾರಿ ನೌಕರರು ಸೇವಾ ಅವಧಿಯಲ್ಲಿ 'ಕರ್ನಾಟಕ ಆರೋಗ್ಯ ಸಂಜೀವಿನಿ' ಸೌಲಭ್ಯ ಪಡೆಯುತ್ತಾರಾದರೂ, 60 ವರ್ಷಕ್ಕೆ ನಿವೃತ್ತರಾದ ನಂತರ ಅವರಿಗೆ ಸೂಕ್ತ ಆರೋಗ್ಯ ಭದ್ರತೆ ಇರುವುದಿಲ್ಲ. ಹೀಗಾಗಿ 60 ರಿಂದ 70 ವರ್ಷದೊಳಗಿನ ನಿವೃತ್ತ ನೌಕರರು ಹಾಗೂ ಅವರ ಕುಟುಂಬಸ್ಥರಿಗೆ ಉಚಿತ ಚಿಕಿತ್ಸೆ ಒದಗಿಸಲು 'ಸಂಧ್ಯಾ ಕಿರಣ' ಯೋಜನೆಯನ್ನು ಸಿದ್ಧಪಡಿಸಲಾಗಿದೆ ಎಂದರು. ಸಚಿವ ಖಾದರ್ ನಿವೃತ್ತ ನೌಕರರು ತಮ್ಮ ಪಿಂಚಣಿ ಮೊತ್ತದಲ್ಲಿ ಶೇ.1.25 ರಷ್ಟು ಪಾವತಿಸಿ ಈ ಸೌಲಭ್ಯ ಪಡೆಯಬಹುದು. ನೌಕರ ಮೃತಪಟ್ಟರೆ, ಕುಟುಂಬಕ್ಕೆ ಸಿಗುವ ಪಿಂಚಣಿಯಿಂದ ಶೇ.0.75 ರಷ್ಟು ಪಾವತಿಸಿ ಕುಟುಂಬಸ್ಥರು 70 ವರ್ಷದವರೆಗೆ ಯೋಜನೆಯ ಲಾಭ ಪಡೆಯಬಹುದು. ಈಗಾಗಲೇ ಈ ಯೋಜನೆಗೆ ಸಂಪುಟದ ಒಪ್ಪಿಗೆ ಸಿಕ್ಕಿದ್ದು, ಶೀಘ್ರದಲ್ಲೇ ಚಾಲನೆ ನೀಡಲಾಗುವುದು ಎಂದು ಮಾಹಿತಿ ನೀಡಿದರು. ಮತ್ತೆ ರಸ್ತೆಗಳಿಳಿಯಲಿವೆ 100 'ಬೈಕ್ ಅಂಬುಲೆನ್ಸ್'ಗಳು: ಬೆಂಗಳೂರು ಸೇರಿದಂತೆ ಬೃಹತ್ ನಗರಗಳಲ್ಲಿ ವಾಹನ ದಟ್ಟಣೆಯಿಂದಾಗಿ ದೊಡ್ಡ ಅಂಬುಲೆನ್ಸ್‌ಗಳು ತಕ್ಷಣ ಸ್ಥಳಕ್ಕೆ ತಲುಪುವುದು ಸವಾಲಾಗಿದೆ. ಈ ಸಮಸ್ಯೆಗೆ ಪರಿಹಾರವಾಗಿ 100 ಬೈಕ್ ಅಂಬುಲೆನ್ಸ್‌ಗಳನ್ನು ಹೊಸ ವಿನ್ಯಾಸದೊಂದಿಗೆ ರಸ್ತೆಗಿಳಿಸಲಾಗುತ್ತಿದೆ ಎಂದರು. ಅಪಘಾತ ಅಥವಾ ತುರ್ತು ಸಂದರ್ಭದಲ್ಲಿ ಬೈಕ್ ಅಂಬುಲೆನ್ಸ್‌ಗಳು ತಕ್ಷಣ ಸ್ಥಳಕ್ಕೆ ತಲುಪಿ, ಆಕ್ಸಿಜನ್ ಹಾಗೂ ಪ್ರಾಥಮಿಕ ಚಿಕಿತ್ಸೆ ನೀಡಿ ರೋಗಿಯನ್ನು ಸ್ಥಿರಗೊಳಿಸುತ್ತವೆ. ಆಮೇಲೆ ದೊಡ್ಡ ಅಂಬ್ಯುಲೆನ್ಸ್‌ನಲ್ಲಿ ಕರ್ಕೊಂಡು ಹೋಗಲಾಗುವುದು ಎಂದು ವಿವರಿಸಿದರು.
